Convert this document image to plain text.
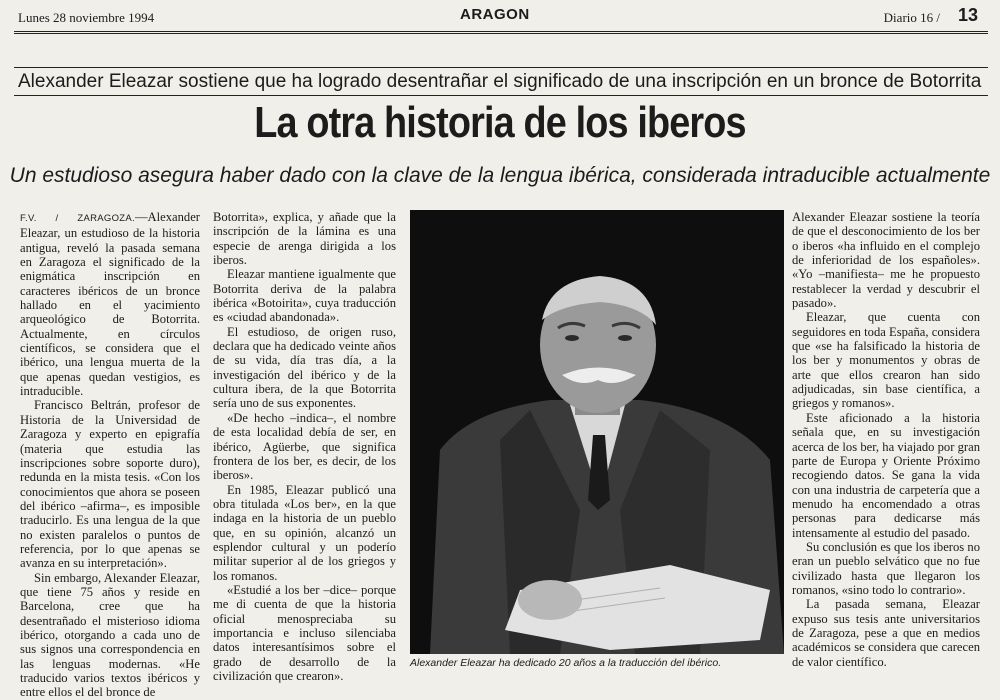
Lunes 28 noviembre 1994	ARAGON	Diario 16 / 13
Alexander Eleazar sostiene que ha logrado desentrañar el significado de una inscripción en un bronce de Botorrita
La otra historia de los iberos
Un estudioso asegura haber dado con la clave de la lengua ibérica, considerada intraducible actualmente

F.V. / ZARAGOZA.—Alexander Eleazar, un estudioso de la historia antigua, reveló la pasada semana en Zaragoza el significado de la enigmática inscripción en caracteres ibéricos de un bronce hallado en el yacimiento arqueológico de Botorrita. Actualmente, en círculos científicos, se considera que el ibérico, una lengua muerta de la que apenas quedan vestigios, es intraducible.

Francisco Beltrán, profesor de Historia de la Universidad de Zaragoza y experto en epigrafía (materia que estudia las inscripciones sobre soporte duro), redunda en la mista tesis. «Con los conocimientos que ahora se poseen del ibérico –afirma–, es imposible traducirlo. Es una lengua de la que no existen paralelos o puntos de referencia, por lo que apenas se avanza en su interpretación».

Sin embargo, Alexander Eleazar, que tiene 75 años y reside en Barcelona, cree que ha desentrañado el misterioso idioma ibérico, otorgando a cada uno de sus signos una correspondencia en las lenguas modernas. «He traducido varios textos ibéricos y entre ellos el del bronce de

Botorrita», explica, y añade que la inscripción de la lámina es una especie de arenga dirigida a los iberos.

Eleazar mantiene igualmente que Botorrita deriva de la palabra ibérica «Botoirita», cuya traducción es «ciudad abandonada».

El estudioso, de origen ruso, declara que ha dedicado veinte años de su vida, día tras día, a la investigación del ibérico y de la cultura ibera, de la que Botorrita sería uno de sus exponentes.

«De hecho –indica–, el nombre de esta localidad debía de ser, en ibérico, Agüerbe, que significa frontera de los ber, es decir, de los iberos».

En 1985, Eleazar publicó una obra titulada «Los ber», en la que indaga en la historia de un pueblo que, en su opinión, alcanzó un esplendor cultural y un poderío militar superior al de los griegos y los romanos.

«Estudié a los ber –dice– porque me di cuenta de que la historia oficial menospreciaba su importancia e incluso silenciaba datos interesantísimos sobre el grado de desarrollo de la civilización que crearon».

Alexander Eleazar ha dedicado 20 años a la traducción del ibérico.

Alexander Eleazar sostiene la teoría de que el desconocimiento de los ber o iberos «ha influido en el complejo de inferioridad de los españoles». «Yo –manifiesta– me he propuesto restablecer la verdad y descubrir el pasado».

Eleazar, que cuenta con seguidores en toda España, considera que «se ha falsificado la historia de los ber y monumentos y obras de arte que ellos crearon han sido adjudicadas, sin base científica, a griegos y romanos».

Este aficionado a la historia señala que, en su investigación acerca de los ber, ha viajado por gran parte de Europa y Oriente Próximo recogiendo datos. Se gana la vida con una industria de carpetería que a menudo ha encomendado a otras personas para dedicarse más intensamente al estudio del pasado.

Su conclusión es que los iberos no eran un pueblo selvático que no fue civilizado hasta que llegaron los romanos, «sino todo lo contrario».

La pasada semana, Eleazar expuso sus tesis ante universitarios de Zaragoza, pese a que en medios académicos se considera que carecen de valor científico.
